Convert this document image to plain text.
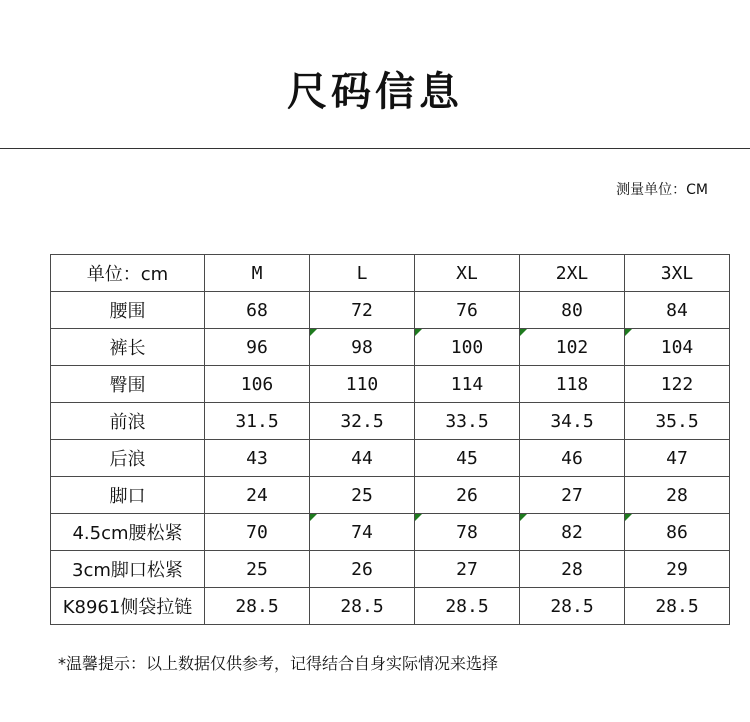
尺码信息
测量单位：CM
单位：cm	M	L	XL	2XL	3XL
腰围	68	72	76	80	84
裤长	96	98	100	102	104
臀围	106	110	114	118	122
前浪	31.5	32.5	33.5	34.5	35.5
后浪	43	44	45	46	47
脚口	24	25	26	27	28
4.5cm腰松紧	70	74	78	82	86
3cm脚口松紧	25	26	27	28	29
K8961侧袋拉链	28.5	28.5	28.5	28.5	28.5
*温馨提示：以上数据仅供参考，记得结合自身实际情况来选择
